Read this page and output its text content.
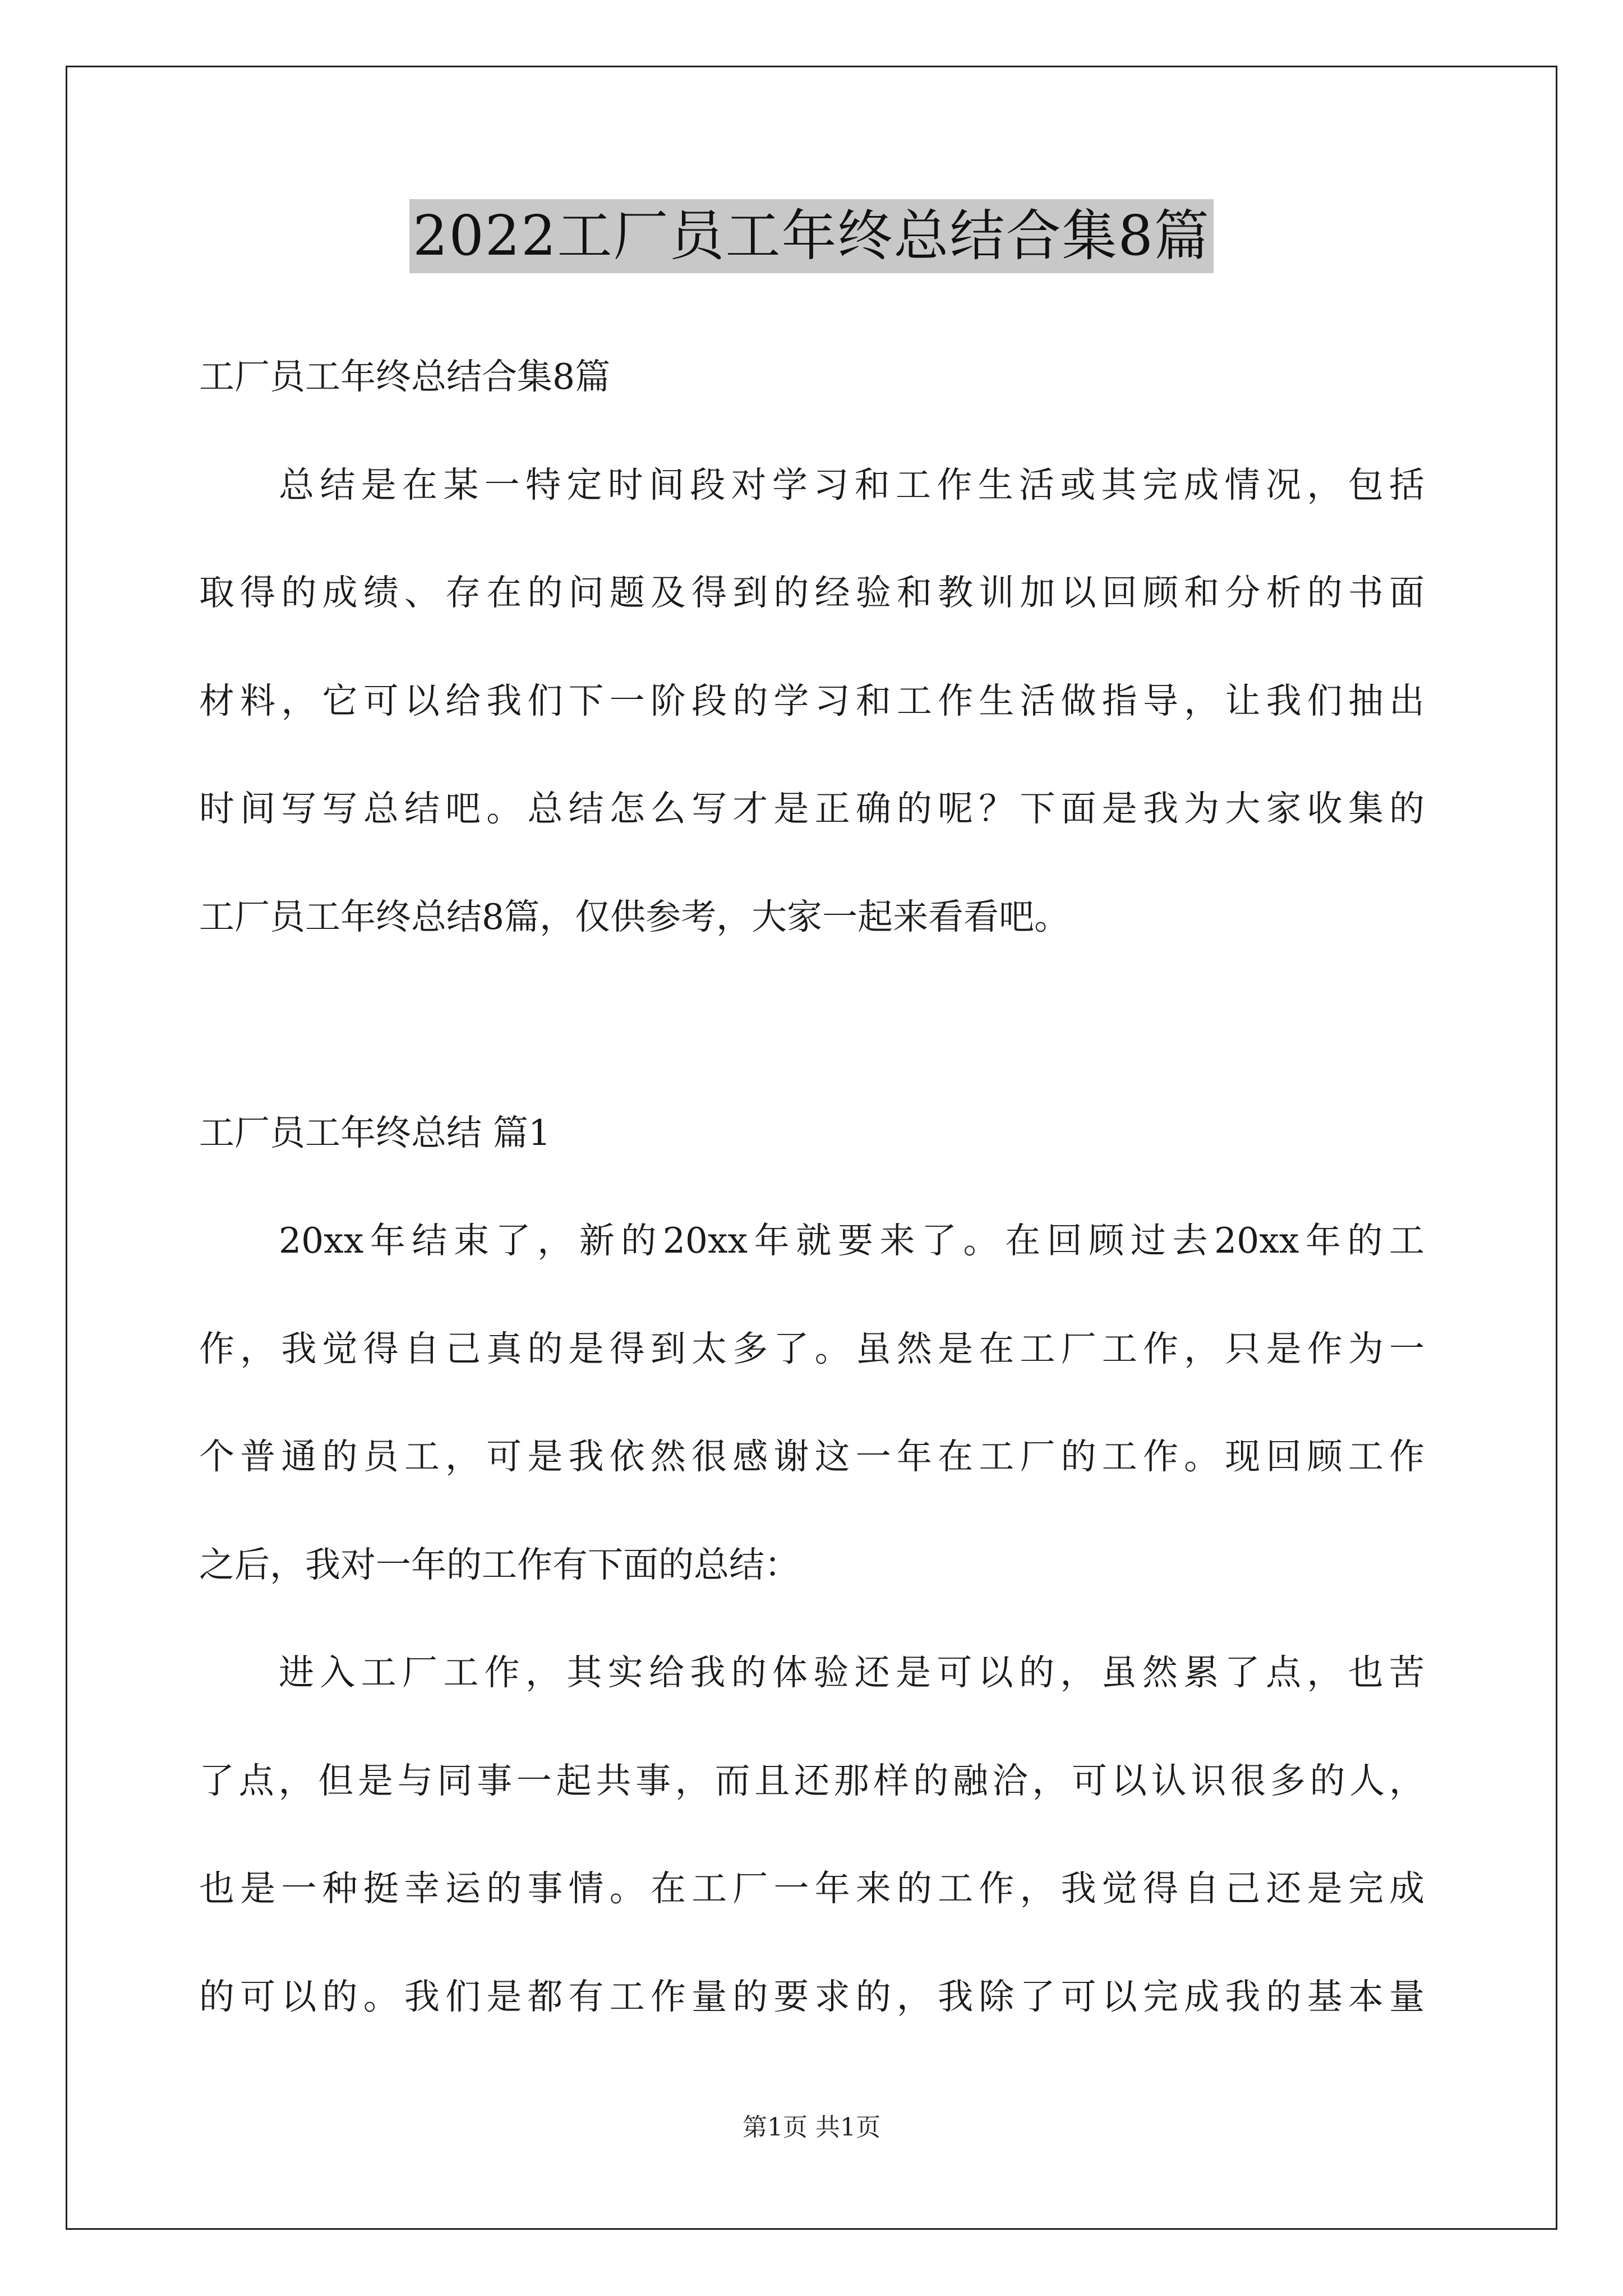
2022工厂员工年终总结合集8篇

工厂员工年终总结合集8篇

总结是在某一特定时间段对学习和工作生活或其完成情况，包括

取得的成绩、存在的问题及得到的经验和教训加以回顾和分析的书面

材料，它可以给我们下一阶段的学习和工作生活做指导，让我们抽出

时间写写总结吧。总结怎么写才是正确的呢？下面是我为大家收集的

工厂员工年终总结8篇，仅供参考，大家一起来看看吧。

工厂员工年终总结 篇1

20xx年结束了，新的20xx年就要来了。在回顾过去20xx年的工

作，我觉得自己真的是得到太多了。虽然是在工厂工作，只是作为一

个普通的员工，可是我依然很感谢这一年在工厂的工作。现回顾工作

之后，我对一年的工作有下面的总结：

进入工厂工作，其实给我的体验还是可以的，虽然累了点，也苦

了点，但是与同事一起共事，而且还那样的融洽，可以认识很多的人，

也是一种挺幸运的事情。在工厂一年来的工作，我觉得自己还是完成

的可以的。我们是都有工作量的要求的，我除了可以完成我的基本量

第1页 共1页
